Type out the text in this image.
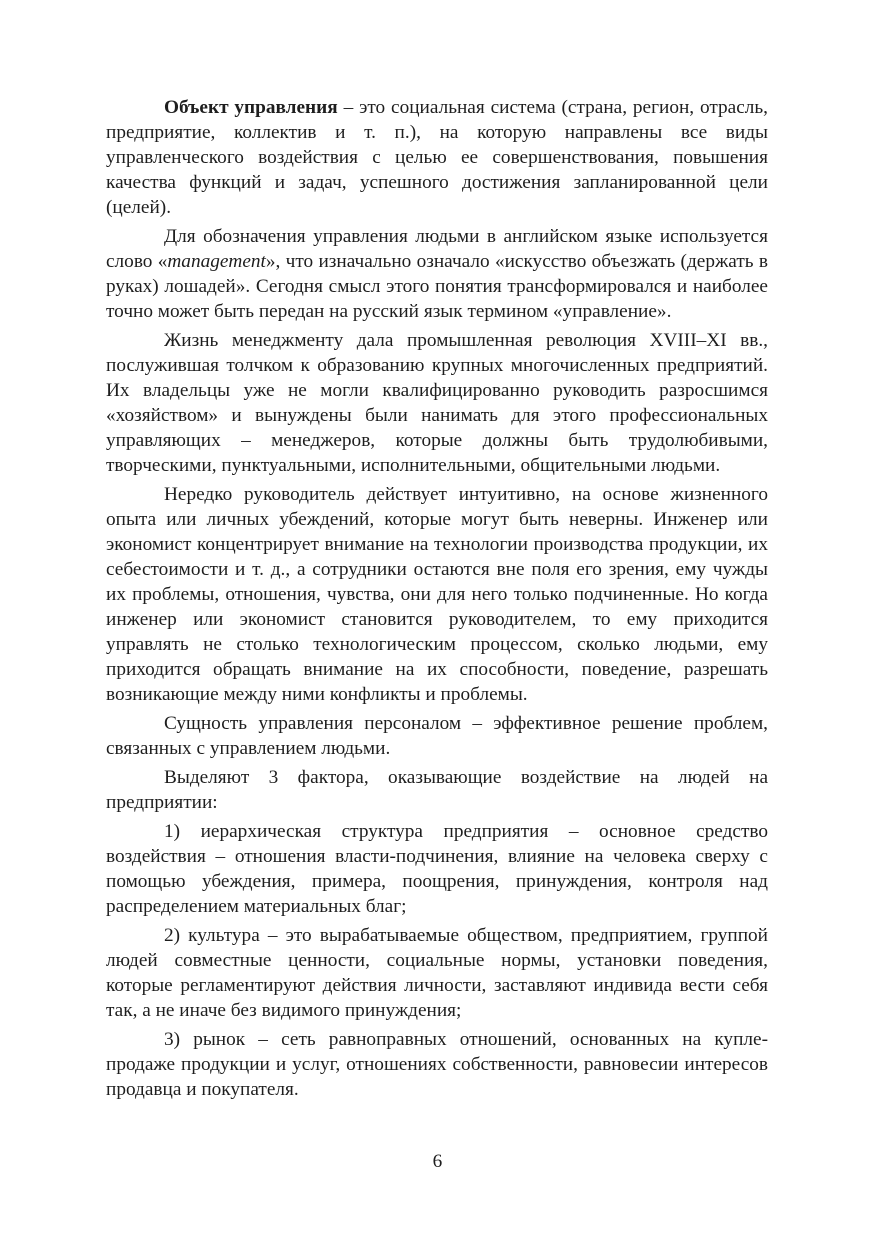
Объект управления – это социальная система (страна, регион, отрасль, предприятие, коллектив и т. п.), на которую направлены все виды управленческого воздействия с целью ее совершенствования, повышения качества функций и задач, успешного достижения запланированной цели (целей).

Для обозначения управления людьми в английском языке используется слово «management», что изначально означало «искусство объезжать (держать в руках) лошадей». Сегодня смысл этого понятия трансформировался и наиболее точно может быть передан на русский язык термином «управление».

Жизнь менеджменту дала промышленная революция XVIII–XI вв., послужившая толчком к образованию крупных многочисленных предприятий. Их владельцы уже не могли квалифицированно руководить разросшимся «хозяйством» и вынуждены были нанимать для этого профессиональных управляющих – менеджеров, которые должны быть трудолюбивыми, творческими, пунктуальными, исполнительными, общительными людьми.

Нередко руководитель действует интуитивно, на основе жизненного опыта или личных убеждений, которые могут быть неверны. Инженер или экономист концентрирует внимание на технологии производства продукции, их себестоимости и т. д., а сотрудники остаются вне поля его зрения, ему чужды их проблемы, отношения, чувства, они для него только подчиненные. Но когда инженер или экономист становится руководителем, то ему приходится управлять не столько технологическим процессом, сколько людьми, ему приходится обращать внимание на их способности, поведение, разрешать возникающие между ними конфликты и проблемы.

Сущность управления персоналом – эффективное решение проблем, связанных с управлением людьми.

Выделяют 3 фактора, оказывающие воздействие на людей на предприятии:

1) иерархическая структура предприятия – основное средство воздействия – отношения власти-подчинения, влияние на человека сверху с помощью убеждения, примера, поощрения, принуждения, контроля над распределением материальных благ;

2) культура – это вырабатываемые обществом, предприятием, группой людей совместные ценности, социальные нормы, установки поведения, которые регламентируют действия личности, заставляют индивида вести себя так, а не иначе без видимого принуждения;

3) рынок – сеть равноправных отношений, основанных на купле-продаже продукции и услуг, отношениях собственности, равновесии интересов продавца и покупателя.

6
